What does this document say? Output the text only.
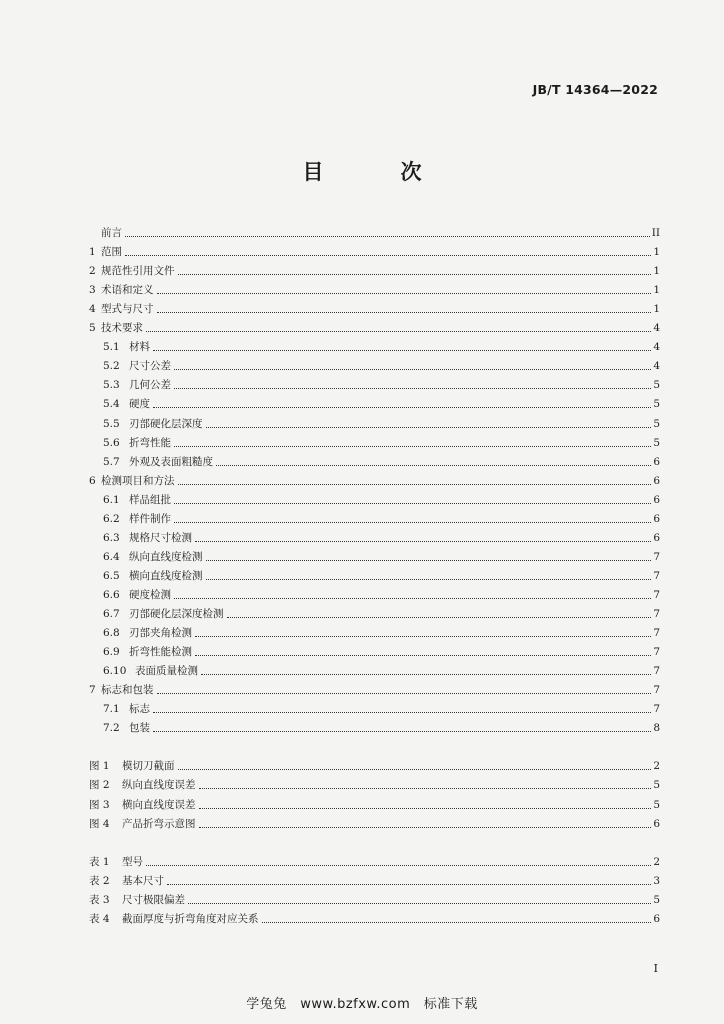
JB/T 14364—2022
目　次
前言	II
1 范围	1
2 规范性引用文件	1
3 术语和定义	1
4 型式与尺寸	1
5 技术要求	4
5.1 材料	4
5.2 尺寸公差	4
5.3 几何公差	5
5.4 硬度	5
5.5 刃部硬化层深度	5
5.6 折弯性能	5
5.7 外观及表面粗糙度	6
6 检测项目和方法	6
6.1 样品组批	6
6.2 样件制作	6
6.3 规格尺寸检测	6
6.4 纵向直线度检测	7
6.5 横向直线度检测	7
6.6 硬度检测	7
6.7 刃部硬化层深度检测	7
6.8 刃部夹角检测	7
6.9 折弯性能检测	7
6.10 表面质量检测	7
7 标志和包装	7
7.1 标志	7
7.2 包装	8
图 1	模切刀截面	2
图 2	纵向直线度误差	5
图 3	横向直线度误差	5
图 4	产品折弯示意图	6
表 1	型号	2
表 2	基本尺寸	3
表 3	尺寸极限偏差	5
表 4	截面厚度与折弯角度对应关系	6
I
学兔兔　www.bzfxw.com　标准下载
